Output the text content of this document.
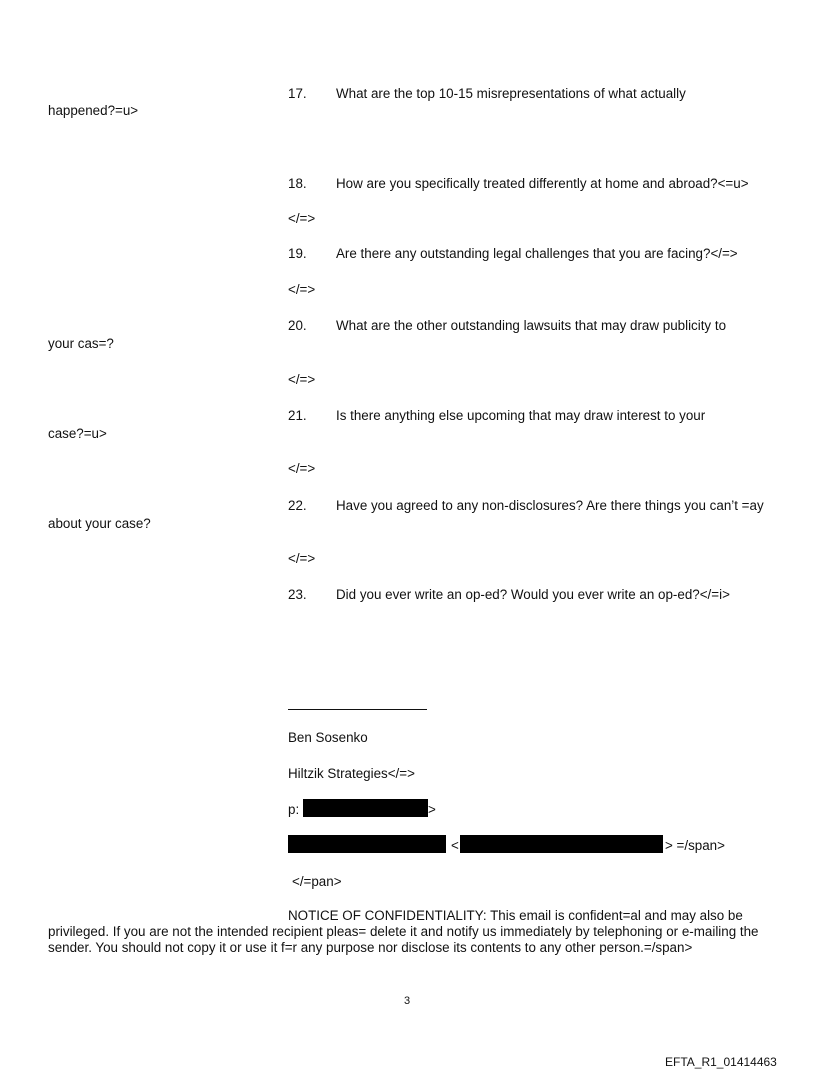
17. What are the top 10-15 misrepresentations of what actually
happened?=u>
18. How are you specifically treated differently at home and abroad?<=u>
</=>
19. Are there any outstanding legal challenges that you are facing?</=>
</=>
20. What are the other outstanding lawsuits that may draw publicity to
your cas=?
</=>
21. Is there anything else upcoming that may draw interest to your
case?=u>
</=>
22. Have you agreed to any non-disclosures? Are there things you can’t =ay
about your case?
</=>
23. Did you ever write an op-ed? Would you ever write an op-ed?</=i>
Ben Sosenko
Hiltzik Strategies</=>
p:	>
<	> =/span>
</=pan>
NOTICE OF CONFIDENTIALITY: This email is confident=al and may also be privileged. If you are not the intended recipient pleas= delete it and notify us immediately by telephoning or e-mailing the sender. You should not copy it or use it f=r any purpose nor disclose its contents to any other person.=/span>
3
EFTA_R1_01414463
